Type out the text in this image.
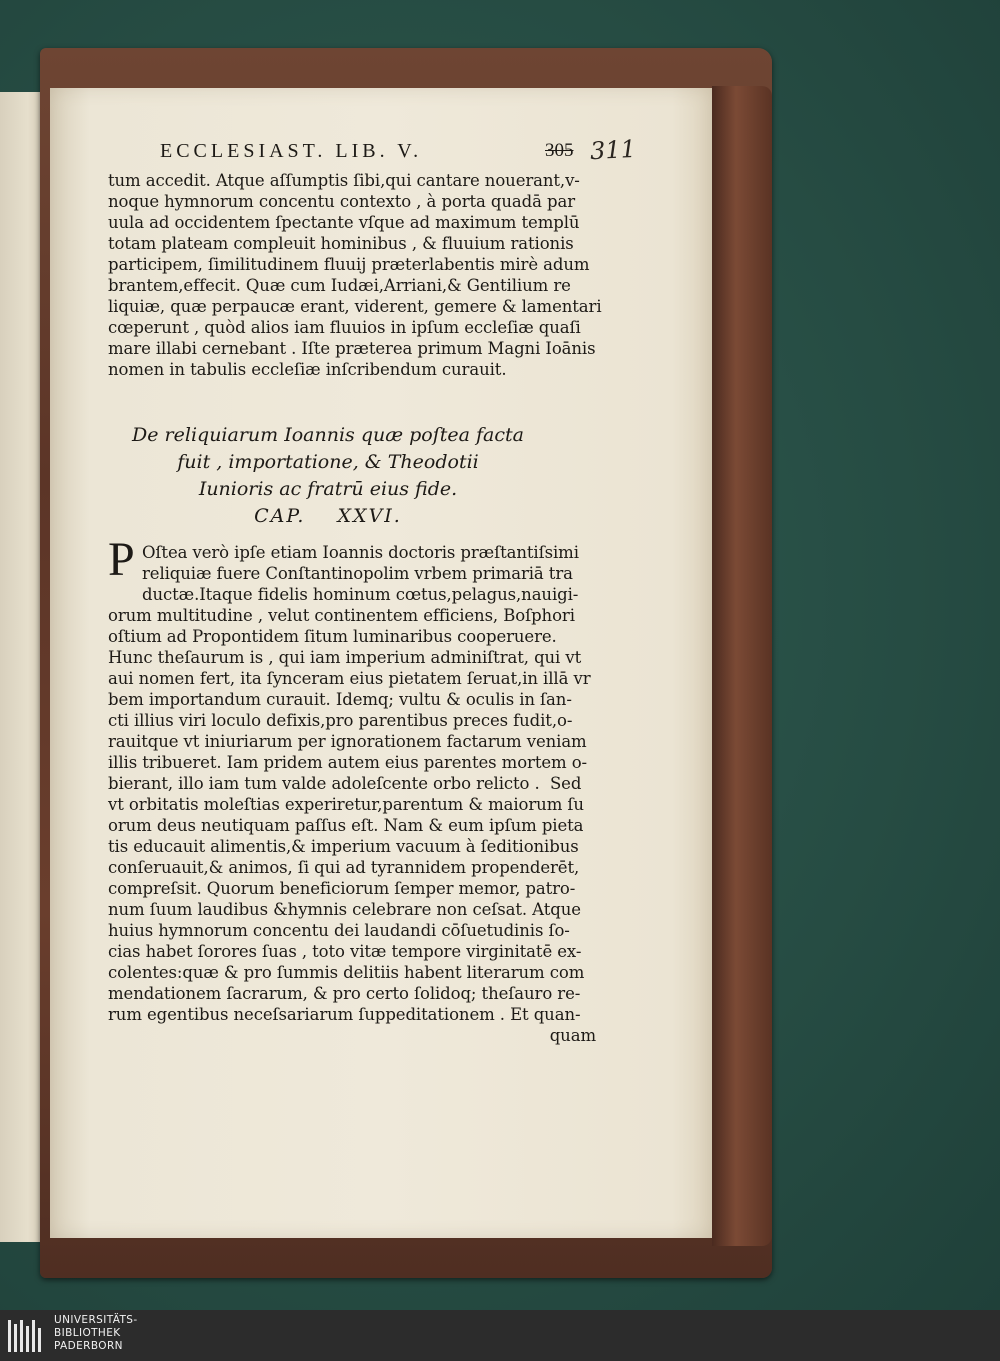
ECCLESIAST. LIB. V.	305 311
tum accedit. Atque aſſumptis ſibi,qui cantare nouerant,v-
noque hymnorum concentu contexto , à porta quadā par
uula ad occidentem ſpectante vſque ad maximum templū
totam plateam compleuit hominibus , & fluuium rationis
participem, ſimilitudinem fluuij prӕterlabentis mirè adum
brantem,effecit. Quӕ cum Iudӕi,Arriani,& Gentilium re
liquiӕ, quӕ perpaucӕ erant, viderent, gemere & lamentari
cœperunt , quòd alios iam fluuios in ipſum eccleſiӕ quaſi
mare illabi cernebant . Iſte prӕterea primum Magni Ioānis
nomen in tabulis eccleſiӕ inſcribendum curauit.
De reliquiarum Ioannis quæ poſtea facta
fuit , importatione, & Theodotii
Iunioris ac fratrū eius fide.
CAP.    XXVI.
P Oſtea verò ipſe etiam Ioannis doctoris prӕſtantiſsimi
reliquiӕ fuere Conſtantinopolim vrbem primariā tra
ductӕ.Itaque fidelis hominum cœtus,pelagus,nauigi-
orum multitudine , velut continentem efficiens, Boſphori
oſtium ad Propontidem ſitum luminaribus cooperuere.
Hunc theſaurum is , qui iam imperium adminiſtrat, qui vt
aui nomen fert, ita ſynceram eius pietatem ſeruat,in illā vr
bem importandum curauit. Idemq; vultu & oculis in ſan-
cti illius viri loculo defixis,pro parentibus preces fudit,o-
rauitque vt iniuriarum per ignorationem factarum veniam
illis tribueret. Iam pridem autem eius parentes mortem o-
bierant, illo iam tum valde adoleſcente orbo relicto .  Sed
vt orbitatis moleſtias experiretur,parentum & maiorum ſu
orum deus neutiquam paſſus eſt. Nam & eum ipſum pieta
tis educauit alimentis,& imperium vacuum à ſeditionibus
conſeruauit,& animos, ſi qui ad tyrannidem propenderēt,
compreſsit. Quorum beneficiorum ſemper memor, patro-
num ſuum laudibus &hymnis celebrare non ceſsat. Atque
huius hymnorum concentu dei laudandi cōſuetudinis ſo-
cias habet ſorores ſuas , toto vitӕ tempore virginitatē ex-
colentes:quӕ & pro ſummis delitiis habent literarum com
mendationem ſacrarum, & pro certo ſolidoq; theſauro re-
rum egentibus neceſsariarum ſuppeditationem . Et quan-
quam
UNIVERSITÄTS-
BIBLIOTHEK
PADERBORN
